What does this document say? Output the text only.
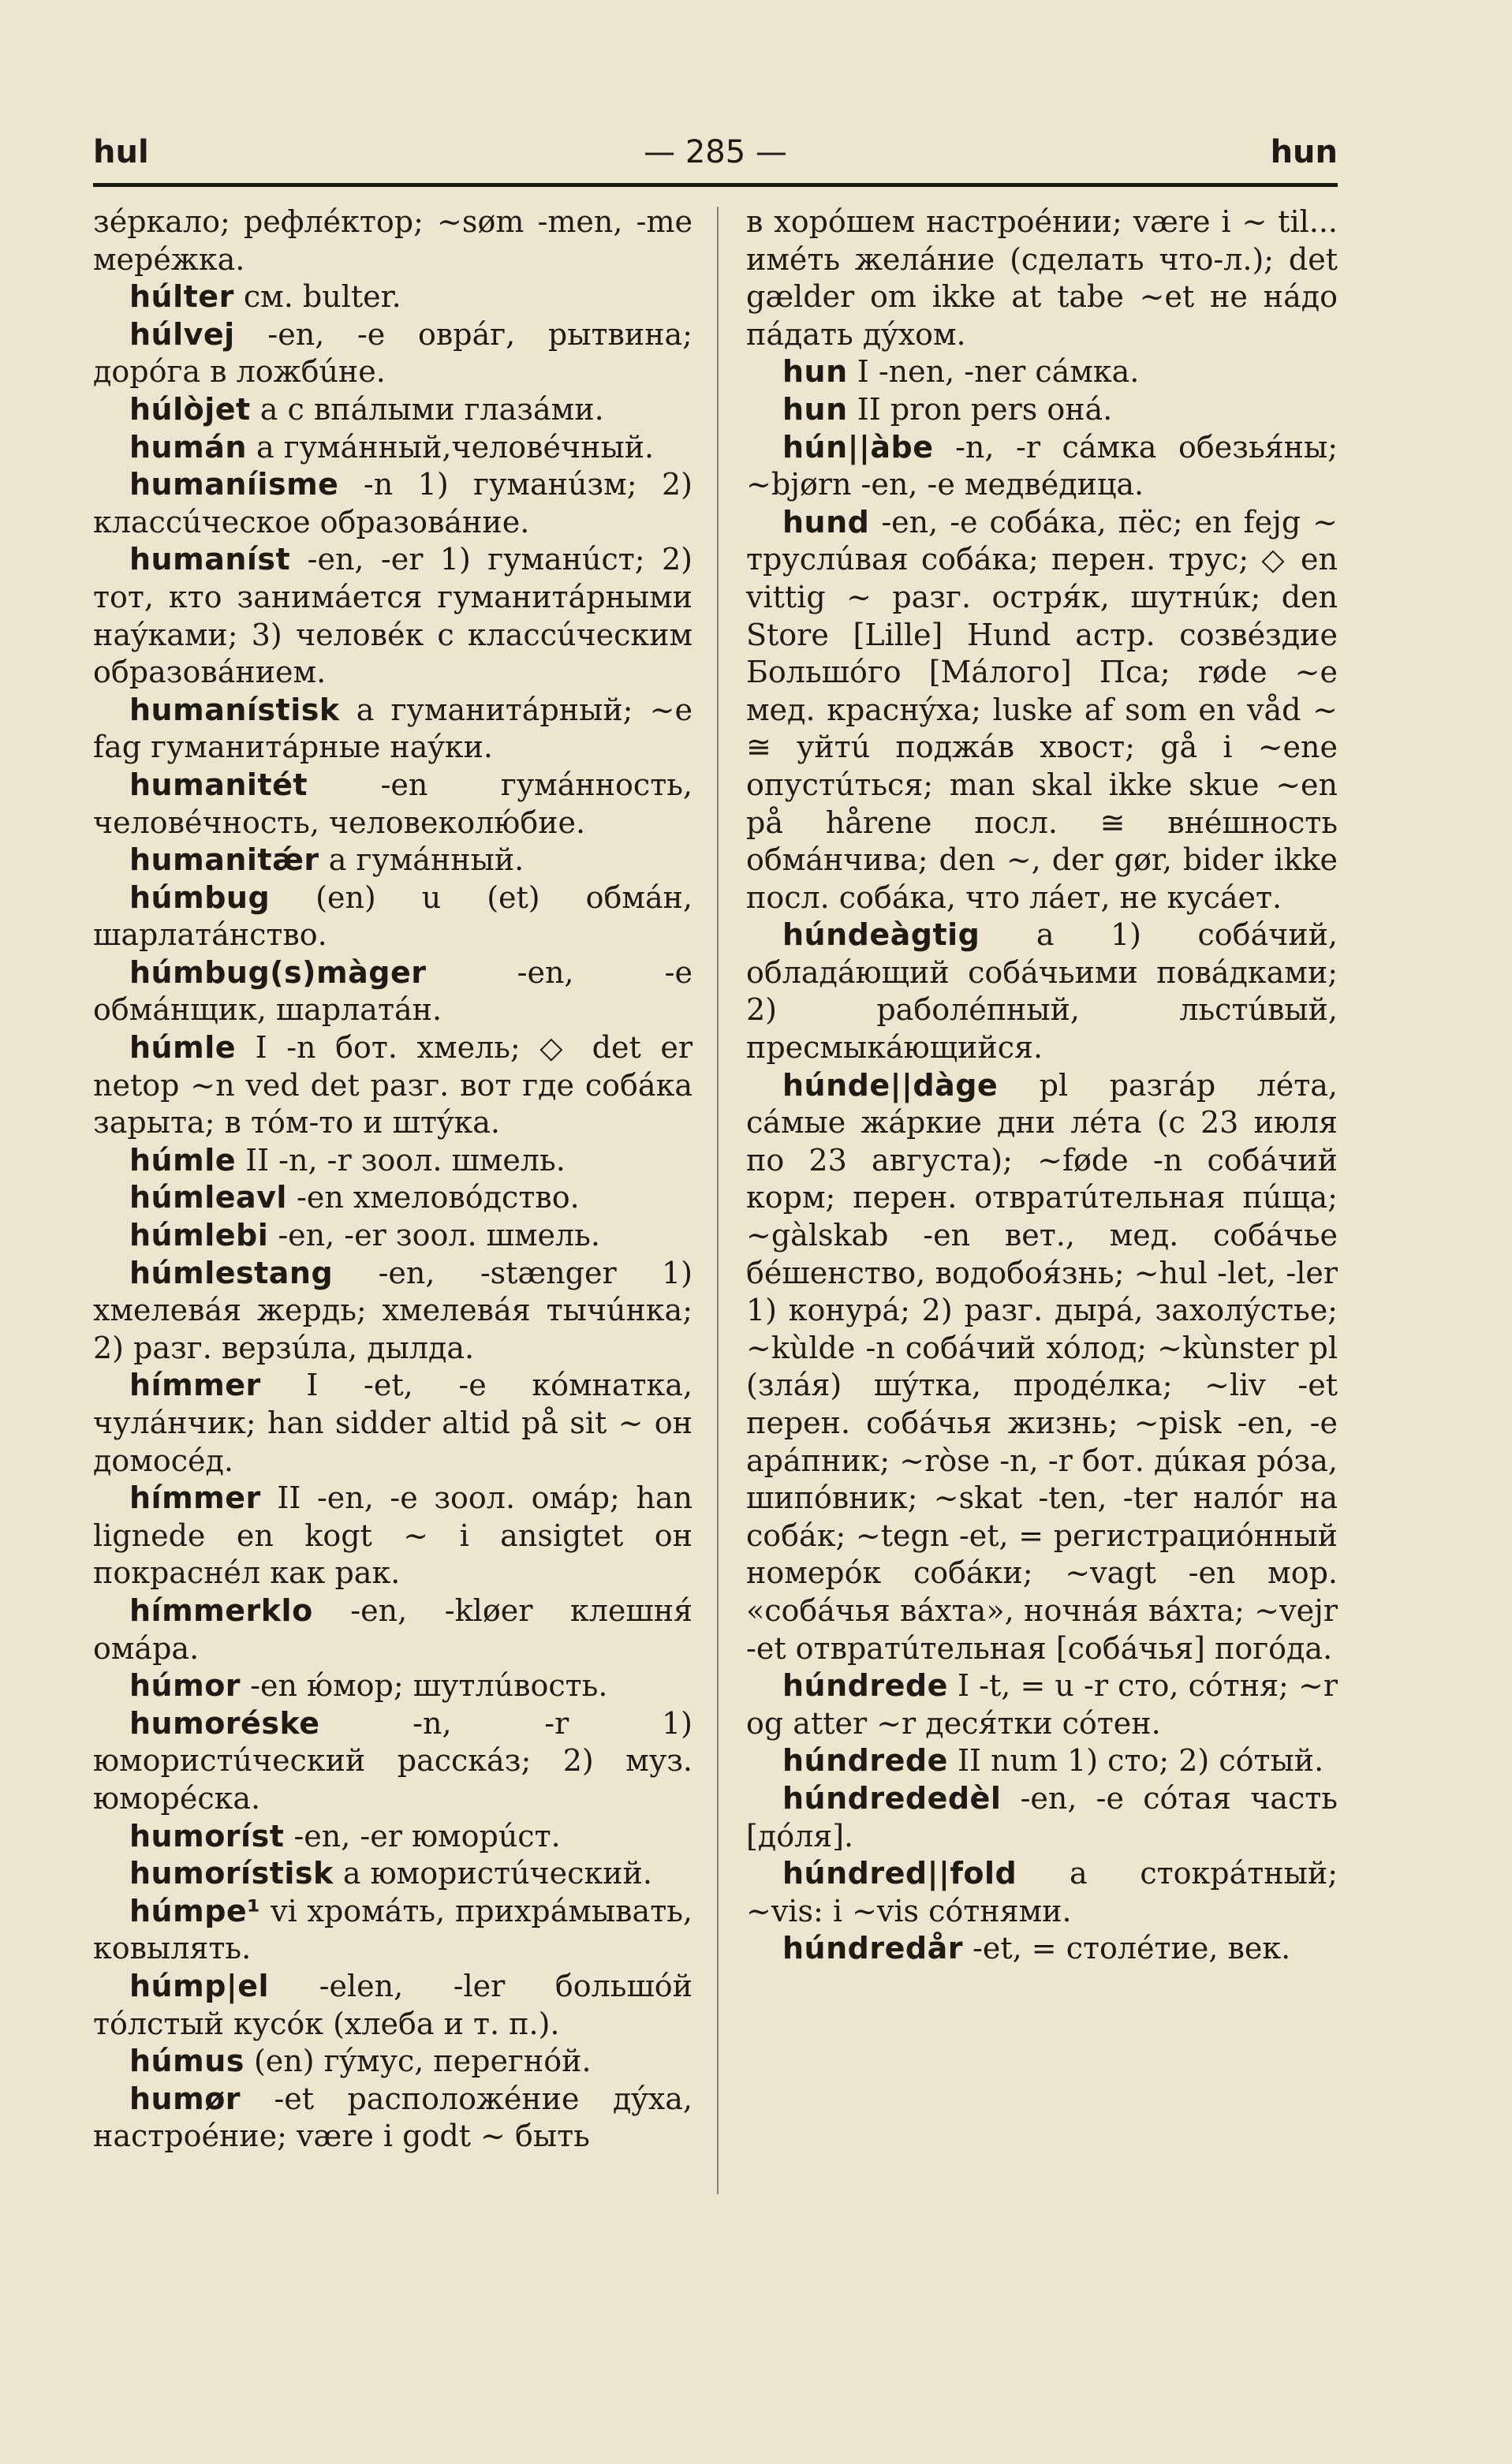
— 285 —
hul	hun

зéркало; рефлéктор; ~søm -men, -me мерéжка.

húlter см. bulter.

húlvej -en, -e оврáг, рытвина; дорóга в ложбúне.

húlòjet a с впáлыми глазáми.

humán a гумáнный,человéчный.

humaníisme -n 1) гуманúзм; 2) классúческое образовáние.

humaníst -en, -er 1) гуманúст; 2) тот, кто занимáется гуманитáрными наýками; 3) человéк с классúческим образовáнием.

humanístisk a гуманитáрный; ~e fag гуманитáрные наýки.

humanitét -en гумáнность, человéчность, человеколю́бие.

humanitǽr a гумáнный.

húmbug (en) u (et) обмáн, шарлатáнство.

húmbug(s)màger -en, -e обмáнщик, шарлатáн.

húmle I -n бот. хмель; ◇ det er netop ~n ved det разг. вот где собáка зарыта; в тóм-то и штýка.

húmle II -n, -r зоол. шмель.

húmleavl -en хмеловóдство.

húmlebi -en, -er зоол. шмель.

húmlestang -en, -stænger 1) хмелевáя жердь; хмелевáя тычúнка; 2) разг. верзúла, дылда.

hímmer I -et, -e кóмнатка, чулáнчик; han sidder altid på sit ~ он домосéд.

hímmer II -en, -e зоол. омáр; han lignede en kogt ~ i ansigtet он покраснéл как рак.

hímmerklo -en, -kløer клешня́ омáра.

húmor -en ю́мор; шутлúвость.

humoréske -n, -r 1) юмористúческий расскáз; 2) муз. юморéска.

humoríst -en, -er юморúст.

humorístisk a юмористúческий.

húmpe¹ vi хромáть, прихрáмывать, ковылять.

húmp|el -elen, -ler большóй тóлстый кусóк (хлеба и т. п.).

húmus (en) гýмус, перегнóй.

humør -et расположéние дýха, настроéние; være i godt ~ быть

в хорóшем настроéнии; være i ~ til... имéть желáние (сделать что-л.); det gælder om ikke at tabe ~et не нáдо пáдать дýхом.

hun I -nen, -ner сáмка.

hun II pron pers онá.

hún||àbe -n, -r сáмка обезья́ны; ~bjørn -en, -e медвéдица.

hund -en, -e собáка, пёс; en fejg ~ труслúвая собáка; перен. трус; ◇ en vittig ~ разг. остря́к, шутнúк; den Store [Lille] Hund астр. созвéздие Большóго [Мáлого] Пса; røde ~e мед. краснýха; luske af som en våd ~ ≅ уйтú поджáв хвост; gå i ~ene опустúться; man skal ikke skue ~en på hårene посл. ≅ внéшность обмáнчива; den ~, der gør, bider ikke посл. собáка, что лáет, не кусáет.

húndeàgtig a 1) собáчий, обладáющий собáчьими повáдками; 2) раболéпный, льстúвый, пресмыкáющийся.

húnde||dàge pl разгáр лéта, сáмые жáркие дни лéта (с 23 июля по 23 августа); ~føde -n собáчий корм; перен. отвратúтельная пúща; ~gàlskab -en вет., мед. собáчье бéшенство, водобоя́знь; ~hul -let, -ler 1) конурá; 2) разг. дырá, захолýстье; ~kùlde -n собáчий хóлод; ~kùnster pl (злáя) шýтка, продéлка; ~liv -et перен. собáчья жизнь; ~pisk -en, -e арáпник; ~ròse -n, -r бот. дúкая рóза, шипóвник; ~skat -ten, -ter налóг на собáк; ~tegn -et, = регистрациóнный номерóк собáки; ~vagt -en мор. «собáчья вáхта», ночнáя вáхта; ~vejr -et отвратúтельная [собáчья] погóда.

húndrede I -t, = u -r сто, сóтня; ~r og atter ~r деся́тки сóтен.

húndrede II num 1) сто; 2) сóтый.

húndrededèl -en, -e сóтая часть [дóля].

húndred||fold a стокрáтный; ~vis: i ~vis сóтнями.

húndredår -et, = столéтие, век.
